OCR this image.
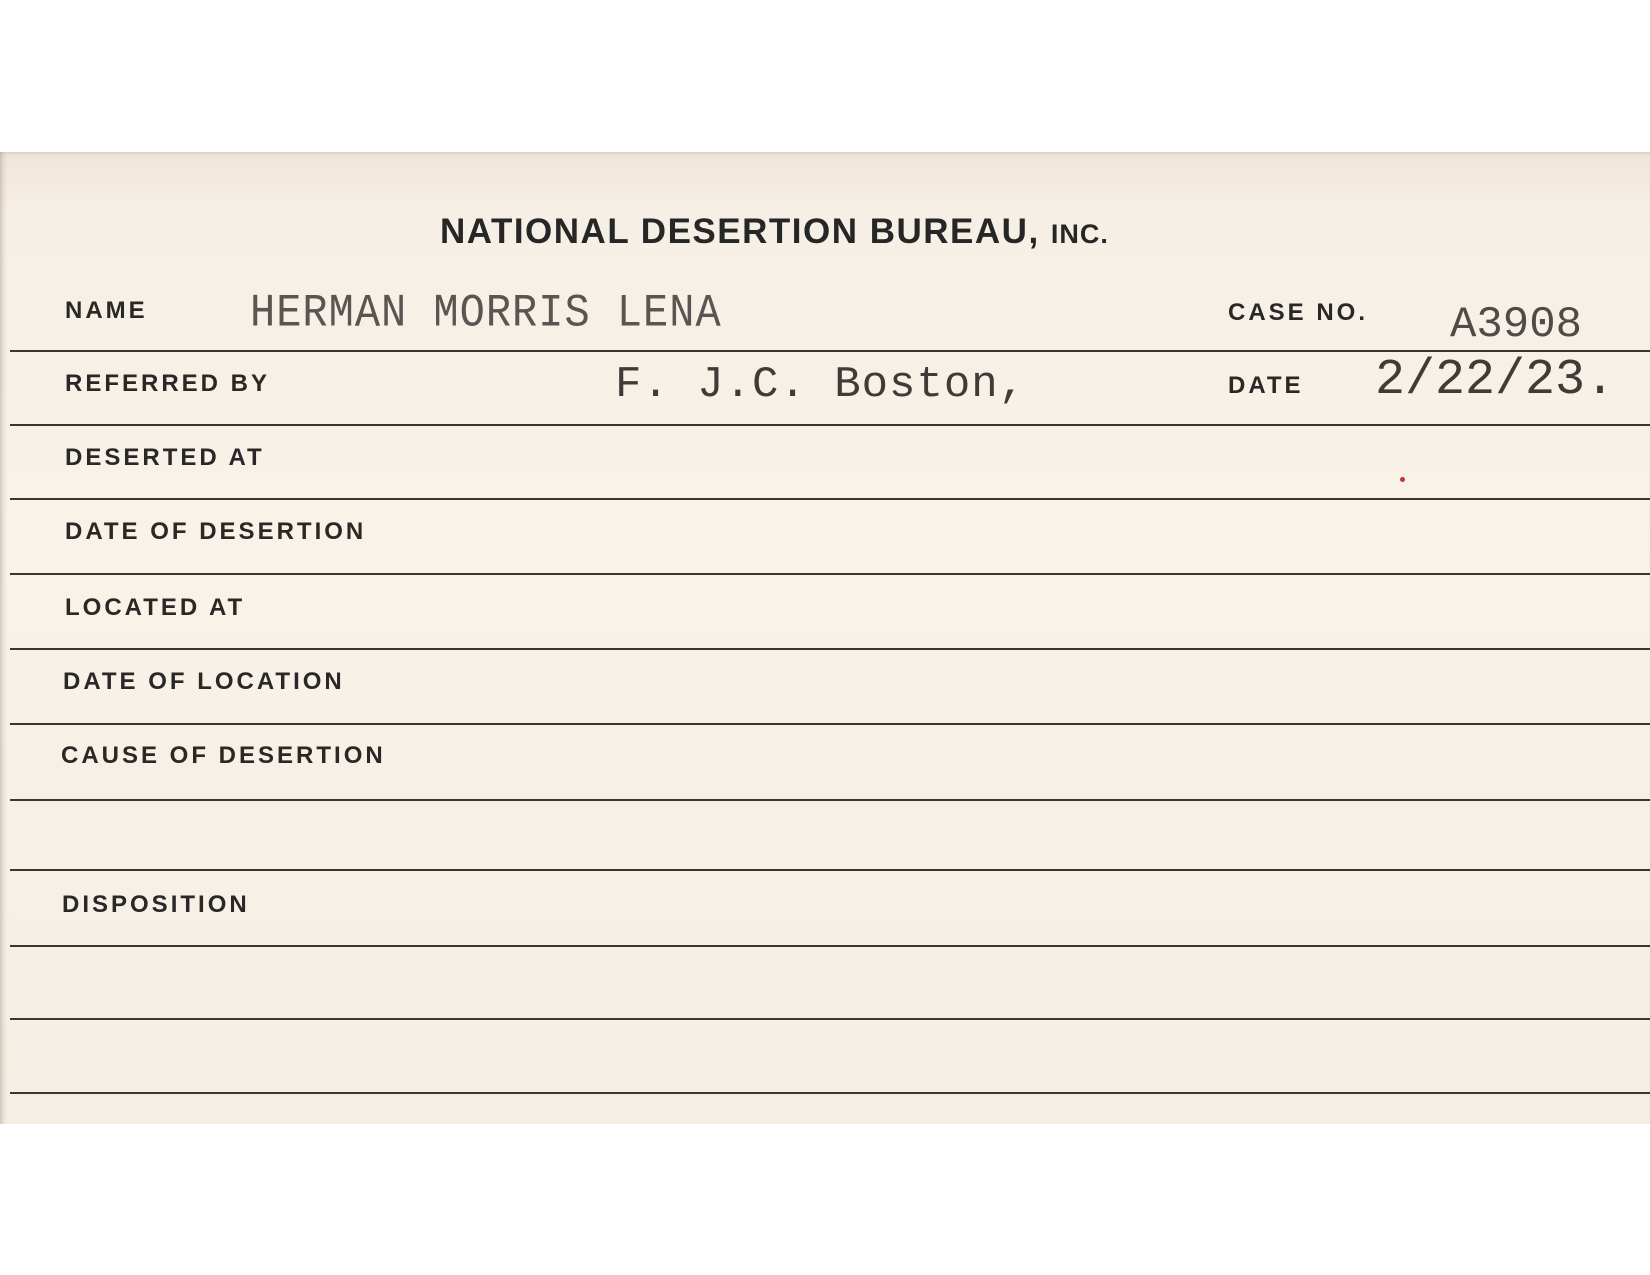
NATIONAL DESERTION BUREAU, INC.
NAME HERMAN MORRIS LENA	CASE NO. A3908
REFERRED BY	F. J.C. Boston,	DATE 2/22/23.
DESERTED AT
DATE OF DESERTION
LOCATED AT
DATE OF LOCATION
CAUSE OF DESERTION
DISPOSITION
